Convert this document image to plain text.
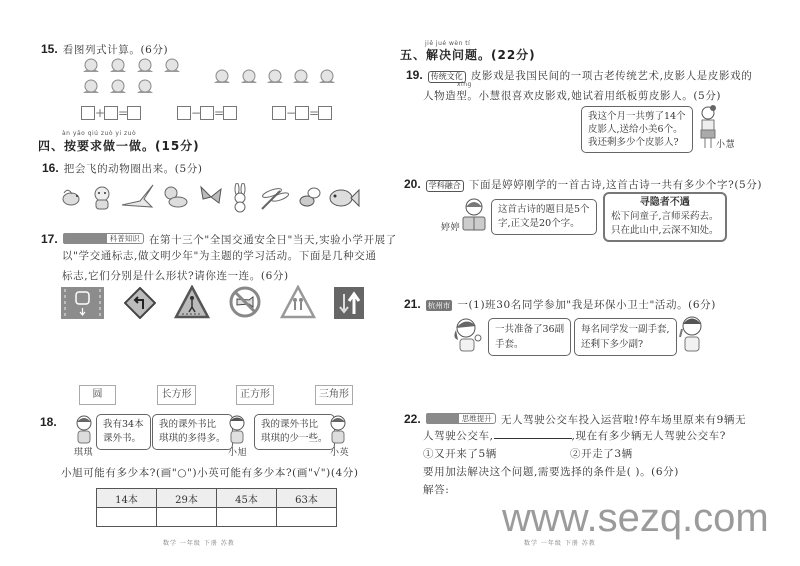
15. 看图列式计算。(6分)
+ =	− =	− =
àn yāo qiú zuò yi zuò
四、按要求做一做。(15分)
16. 把会飞的动物圈出来。(5分)
17.	科普知识 在第十三个"全国交通安全日"当天,实验小学开展了
以"学交通标志,做文明少年"为主题的学习活动。下面是几种交通
标志,它们分别是什么形状?请你连一连。(6分)
圆	长方形	正方形	三角形
18.	我有34本
课外书。
琪琪
我的课外书比
琪琪的多得多。
小旭
我的课外书比
琪琪的少一些。
小英
小旭可能有多少本?(画"○")小英可能有多少本?(画"√")(4分)
14本	29本	45本	63本

数学 一年级 下册 苏教
jiě jué wèn tí
五、解决问题。(22分)
19. 传统文化 皮影戏是我国民间的一项古老传统艺术,皮影人是皮影戏的
xíng
人物造型。小慧很喜欢皮影戏,她试着用纸板剪皮影人。(5分)
我这个月一共剪了14个
皮影人,送给小美6个。
我还剩多少个皮影人?	小慧
20. 学科融合 下面是婷婷刚学的一首古诗,这首古诗一共有多少个字?(5分)
婷婷
这首古诗的题目是5个
字,正文是20个字。
寻隐者不遇
松下问童子,言师采药去。
只在此山中,云深不知处。
21. 杭州市 一(1)班30名同学参加"我是环保小卫士"活动。(6分)
一共准备了36副
手套。
每名同学发一副手套,
还剩下多少副?
22.	思维提升 无人驾驶公交车投入运营啦!停车场里原来有9辆无
人驾驶公交车,	,现在有多少辆无人驾驶公交车?
①又开来了5辆	②开走了3辆
要用加法解决这个问题,需要选择的条件是( )。(6分)
解答:
www.sezq.com
数学 一年级 下册 苏教
